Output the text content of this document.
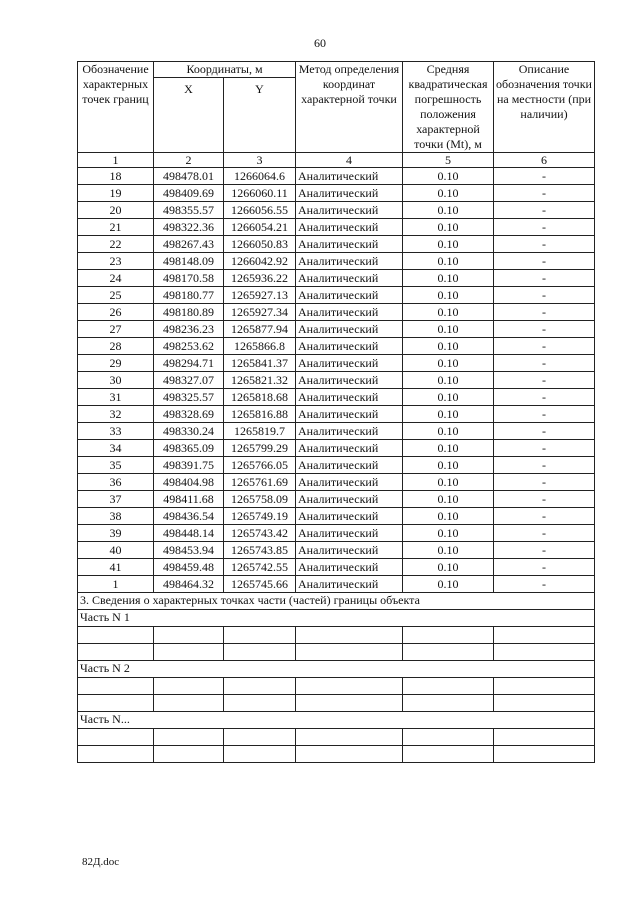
60
Обозначение характерных точек границ	Координаты, м		Метод определения координат характерной точки	Средняя квадратическая погрешность положения характерной точки (Mt), м	Описание обозначения точки на местности (при наличии)
	X	Y			
1	2	3	4	5	6
18	498478.01	1266064.6	Аналитический	0.10	-
19	498409.69	1266060.11	Аналитический	0.10	-
20	498355.57	1266056.55	Аналитический	0.10	-
21	498322.36	1266054.21	Аналитический	0.10	-
22	498267.43	1266050.83	Аналитический	0.10	-
23	498148.09	1266042.92	Аналитический	0.10	-
24	498170.58	1265936.22	Аналитический	0.10	-
25	498180.77	1265927.13	Аналитический	0.10	-
26	498180.89	1265927.34	Аналитический	0.10	-
27	498236.23	1265877.94	Аналитический	0.10	-
28	498253.62	1265866.8	Аналитический	0.10	-
29	498294.71	1265841.37	Аналитический	0.10	-
30	498327.07	1265821.32	Аналитический	0.10	-
31	498325.57	1265818.68	Аналитический	0.10	-
32	498328.69	1265816.88	Аналитический	0.10	-
33	498330.24	1265819.7	Аналитический	0.10	-
34	498365.09	1265799.29	Аналитический	0.10	-
35	498391.75	1265766.05	Аналитический	0.10	-
36	498404.98	1265761.69	Аналитический	0.10	-
37	498411.68	1265758.09	Аналитический	0.10	-
38	498436.54	1265749.19	Аналитический	0.10	-
39	498448.14	1265743.42	Аналитический	0.10	-
40	498453.94	1265743.85	Аналитический	0.10	-
41	498459.48	1265742.55	Аналитический	0.10	-
1	498464.32	1265745.66	Аналитический	0.10	-
3. Сведения о характерных точках части (частей) границы объекта					
Часть N 1					

Часть N 2					

Часть N...					

82Д.doc
